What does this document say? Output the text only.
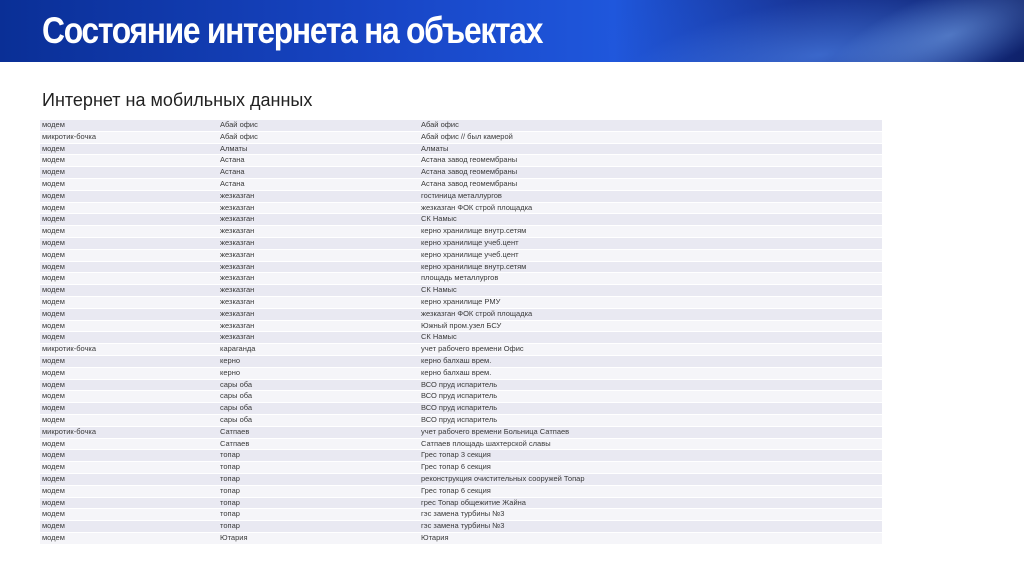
Состояние интернета на объектах
Интернет на мобильных данных
модем	Абай офис	Абай офис
микротик-бочка	Абай офис	Абай офис // был камерой
модем	Алматы	Алматы
модем	Астана	Астана завод геомембраны
модем	Астана	Астана завод геомембраны
модем	Астана	Астана завод геомембраны
модем	жезказган	гостиница металлургов
модем	жезказган	жезказган ФОК строй площадка
модем	жезказган	СК Намыс
модем	жезказган	керно хранилище внутр.сетям
модем	жезказган	керно хранилище учеб.цент
модем	жезказган	керно хранилище учеб.цент
модем	жезказган	керно хранилище внутр.сетям
модем	жезказган	площадь металлургов
модем	жезказган	СК Намыс
модем	жезказган	керно хранилище РМУ
модем	жезказган	жезказган ФОК строй площадка
модем	жезказган	Южный пром.узел БСУ
модем	жезказган	СК Намыс
микротик-бочка	караганда	учет рабочего времени Офис
модем	керно	керно балхаш врем.
модем	керно	керно балхаш врем.
модем	сары оба	ВСО пруд испаритель
модем	сары оба	ВСО пруд испаритель
модем	сары оба	ВСО пруд испаритель
модем	сары оба	ВСО пруд испаритель
микротик-бочка	Сатпаев	учет рабочего времени Больница Сатпаев
модем	Сатпаев	Сатпаев площадь шахтерской славы
модем	топар	Грес топар 3 секция
модем	топар	Грес топар 6 секция
модем	топар	реконструкция очистительных сооружей Топар
модем	топар	Грес топар 6 секция
модем	топар	грес Топар общежитие Жайна
модем	топар	гэс замена турбины №3
модем	топар	гэс замена турбины №3
модем	Ютария	Ютария
